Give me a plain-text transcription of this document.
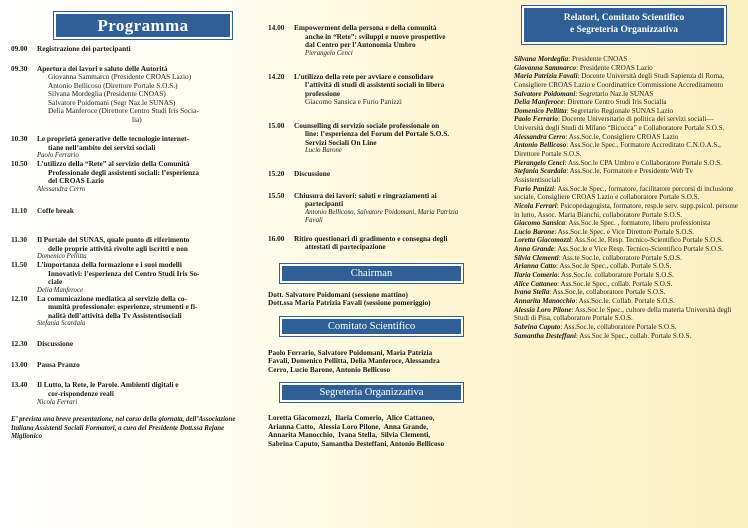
Programma
09.00 Registrazione dei partecipanti
09.30 Apertura dei lavori e saluto delle Autorità
Giovanna Sammarco (Presidente CROAS Lazio)
Antonio Bellicoso (Direttore Portale S.O.S.)
Silvana Mordeglia (Presidente CNOAS)
Salvatore Poidomani (Segr Naz.le SUNAS)
Delia Manferoce (Direttore Centro Studi Iris Socia-
lia)
10.30 Le proprietà generative delle tecnologie internet-
tiane nell’ambito dei servizi sociali
Paolo Ferrario
10.50 L’utilizzo della “Rete” al servizio della Comunità
Professionale degli assistenti sociali: l’esperienza
del CROAS Lazio
Alessandra Cerro
11.10 Coffe break
11.30 Il Portale del SUNAS, quale punto di riferimento
delle proprie attività rivolte agli iscritti e non
Domenico Pellitta
11.50 L’importanza della formazione e i suoi modelli
Innovativi: l’esperienza del Centro Studi Iris So-
ciale
Delia Manferoce
12.10 La comunicazione mediatica al servizio della co-
munità professionale: esperienze, strumenti e fi-
nalità dell’attività della Tv Assistentisociali
Stefania Scardala
12.30 Discussione
13.00 Pausa Pranzo
13.40 Il Lutto, la Rete, le Parole. Ambienti digitali e
cor-rispondenze reali
Nicola Ferrari
E’ prevista una breve presentazione, nel corso della giornata, dell’Associazione Italiana Assistenti Sociali Formatori, a cura del Presidente Dott.ssa Rejane Miglionico
14.00 Empowerment della persona e della comunità
anche in “Rete”: sviluppi e nuove prospettive
dal Centro per l’Autonomia Umbro
Pierangelo Cenci
14.20 L’utilizzo della rete per avviare e consolidare
l’attività di studi di assistenti sociali in libera
professione
Giacomo Sansica e Furio Panizzi
15.00 Counselling di servizio sociale professionale on
line: l’esperienza del Forum del Portale S.O.S.
Servizi Sociali On Line
Lucio Barone
15.20 Discussione
15.50 Chiusura dei lavori: saluti e ringraziamenti ai
partecipanti
Antonio Bellicoso, Salvatore Poidomani, Maria Patrizia
Favali
16.00 Ritiro questionari di gradimento e consegna degli
attestati di partecipazione
Chairman
Dott. Salvatore Poidomani (sessione mattino)
Dott.ssa Maria Patrizia Favali (sessione pomeriggio)
Comitato Scientifico
Paolo Ferrario, Salvatore Poidomani, Maria Patrizia
Favali, Domenico Pellitta, Delia Manferoce, Alessandra
Cerro, Lucio Barone, Antonio Bellicoso
Segreteria Organizzativa
Loretta Giacomozzi,  Ilaria Comerio,  Alice Cattaneo,
Arianna Catto,  Alessia Loro Pilone,  Anna Grande,
Annarita Manocchio,  Ivana Stella,  Silvia Clementi,
Sabrina Caputo, Samantha Desteffani, Antonio Bellicoso
Relatori, Comitato Scientifico
e Segreteria Organizzativa
Silvana Mordeglia: Presidente CNOAS
Giovanna Sammarco: Presidente CROAS Lazio
Maria Patrizia Favali: Docente Università degli Studi Sapienza di Roma, Consigliere CROAS Lazio e Coordinatrice Commissione Accreditamento
Salvatore Poidomani: Segretario Naz.le SUNAS
Delia Manferoce: Direttore Centro Studi Iris Socialia
Domenico Pellitta: Segretario Regionale SUNAS Lazio
Paolo Ferrario: Docente Universitario di politica dei servizi sociali—Università degli Studi di Milano “Bicocca” e Collaboratore Portale S.O.S.
Alessandra Cerro: Ass.Soc.le, Consigliere CROAS Lazio
Antonio Bellicoso: Ass.Soc.le Spec., Formatore Accreditato C.N.O.A.S., Direttore Portale S.O.S.
Pierangelo Cenci: Ass.Soc.le CPA Umbro e Collaboratore Portale S.O.S.
Stefania Scardala: Ass.Soc.le, Formatore e Presidente Web Tv Assistentisociali
Furio Panizzi: Ass.Soc.le Spec., formatore, facilitatore percorsi di inclusione sociale, Consigliere CROAS Lazio e collaboratore Portale S.O.S.
Nicola Ferrari: Psicopedagogista, formatore, resp.le serv. supp.psicol. persone in lutto, Assoc. Maria Bianchi, collaboratore Portale S.O.S.
Giacomo Sansica: Ass.Soc.le Spec. , formatore, libero professionista
Lucio Barone: Ass.Soc.le Spec. e Vice Direttore Portale S.O.S.
Loretta Giacomozzi: Ass.Soc.le, Resp. Tecnico-Scientifico Portale S.O.S.
Anna Grande: Ass.Soc.le e Vice Resp. Tecnico-Scientifico Portale S.O.S.
Silvia Clementi: Ass.te Soc.le, collaboratore Portale S.O.S.
Arianna Catto: Ass.Soc.le Spec., collab. Portale S.O.S.
Ilaria Comerio: Ass.Soc.le. collaboratore Portale S.O.S.
Alice Cattaneo: Ass.Soc.le Spec., collab. Portale S.O.S.
Ivana Stella: Ass.Soc.le, collaboratore Portale S.O.S.
Annarita Manocchio: Ass.Soc.le. Collab. Portale S.O.S.
Alessia Loro Pilone: Ass.Soc.le Spec., cultore della materia Università degli Studi di Pisa, collaboratore Portale S.O.S.
Sabrina Caputo: Ass.Soc.le, collaboratore Portale S.O.S.
Samantha Desteffani: Ass.Soc.le Spec., collab. Portale S.O.S.
